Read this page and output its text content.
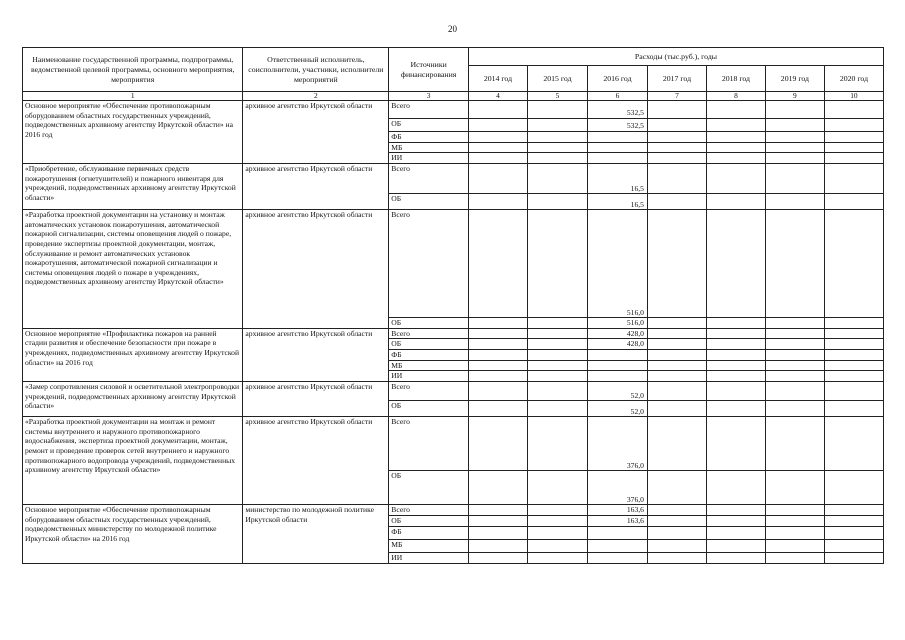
20
Наименование государственной программы, подпрограммы, ведомственной целевой программы, основного мероприятия, мероприятия	Ответственный исполнитель, соисполнители, участники, исполнители мероприятий	Источники финансирования	Расходы (тыс.руб.), годы						
			2014 год	2015 год	2016 год	2017 год	2018 год	2019 год	2020 год
1	2	3	4	5	6	7	8	9	10
Основное мероприятие «Обеспечение противопожарным оборудованием областных государственных учреждений, подведомственных архивному агентству Иркутской области» на 2016 год	архивное агентство Иркутской области	Всего			532,5				
		ОБ			532,5				
		ФБ							
		МБ							
		ИИ							
«Приобретение, обслуживание первичных средств пожаротушения (огнетушителей) и пожарного инвентаря для учреждений, подведомственных архивному агентству Иркутской области»	архивное агентство Иркутской области	Всего			16,5				
		ОБ			16,5				
«Разработка проектной документации на установку и монтаж автоматических установок пожаротушения, автоматической пожарной сигнализации, системы оповещения людей о пожаре, проведение экспертизы проектной документации, монтаж, обслуживание и ремонт автоматических установок пожаротушения, автоматической пожарной сигнализации и системы оповещения людей о пожаре в учреждениях, подведомственных архивному агентству Иркутской области»	архивное агентство Иркутской области	Всего			516,0				
		ОБ			516,0				
Основное мероприятие «Профилактика пожаров на ранней стадии развития и обеспечение безопасности при пожаре в учреждениях, подведомственных архивному агентству Иркутской области» на 2016 год	архивное агентство Иркутской области	Всего			428,0				
		ОБ			428,0				
		ФБ							
		МБ							
		ИИ							
«Замер сопротивления силовой и осветительной электропроводки учреждений, подведомственных архивному агентству Иркутской области»	архивное агентство Иркутской области	Всего			52,0				
		ОБ			52,0				
«Разработка проектной документации на монтаж и ремонт системы внутреннего и наружного противопожарного водоснабжения, экспертиза проектной документации, монтаж, ремонт и проведение проверок сетей внутреннего и наружного противопожарного водопровода учреждений, подведомственных архивному агентству Иркутской области»	архивное агентство Иркутской области	Всего			376,0				
		ОБ			376,0				
Основное мероприятие «Обеспечение противопожарным оборудованием областных государственных учреждений, подведомственных министерству по молодежной политике Иркутской области» на 2016 год	министерство по молодежной политике Иркутской области	Всего			163,6				
		ОБ			163,6				
		ФБ							
		МБ							
		ИИ							
